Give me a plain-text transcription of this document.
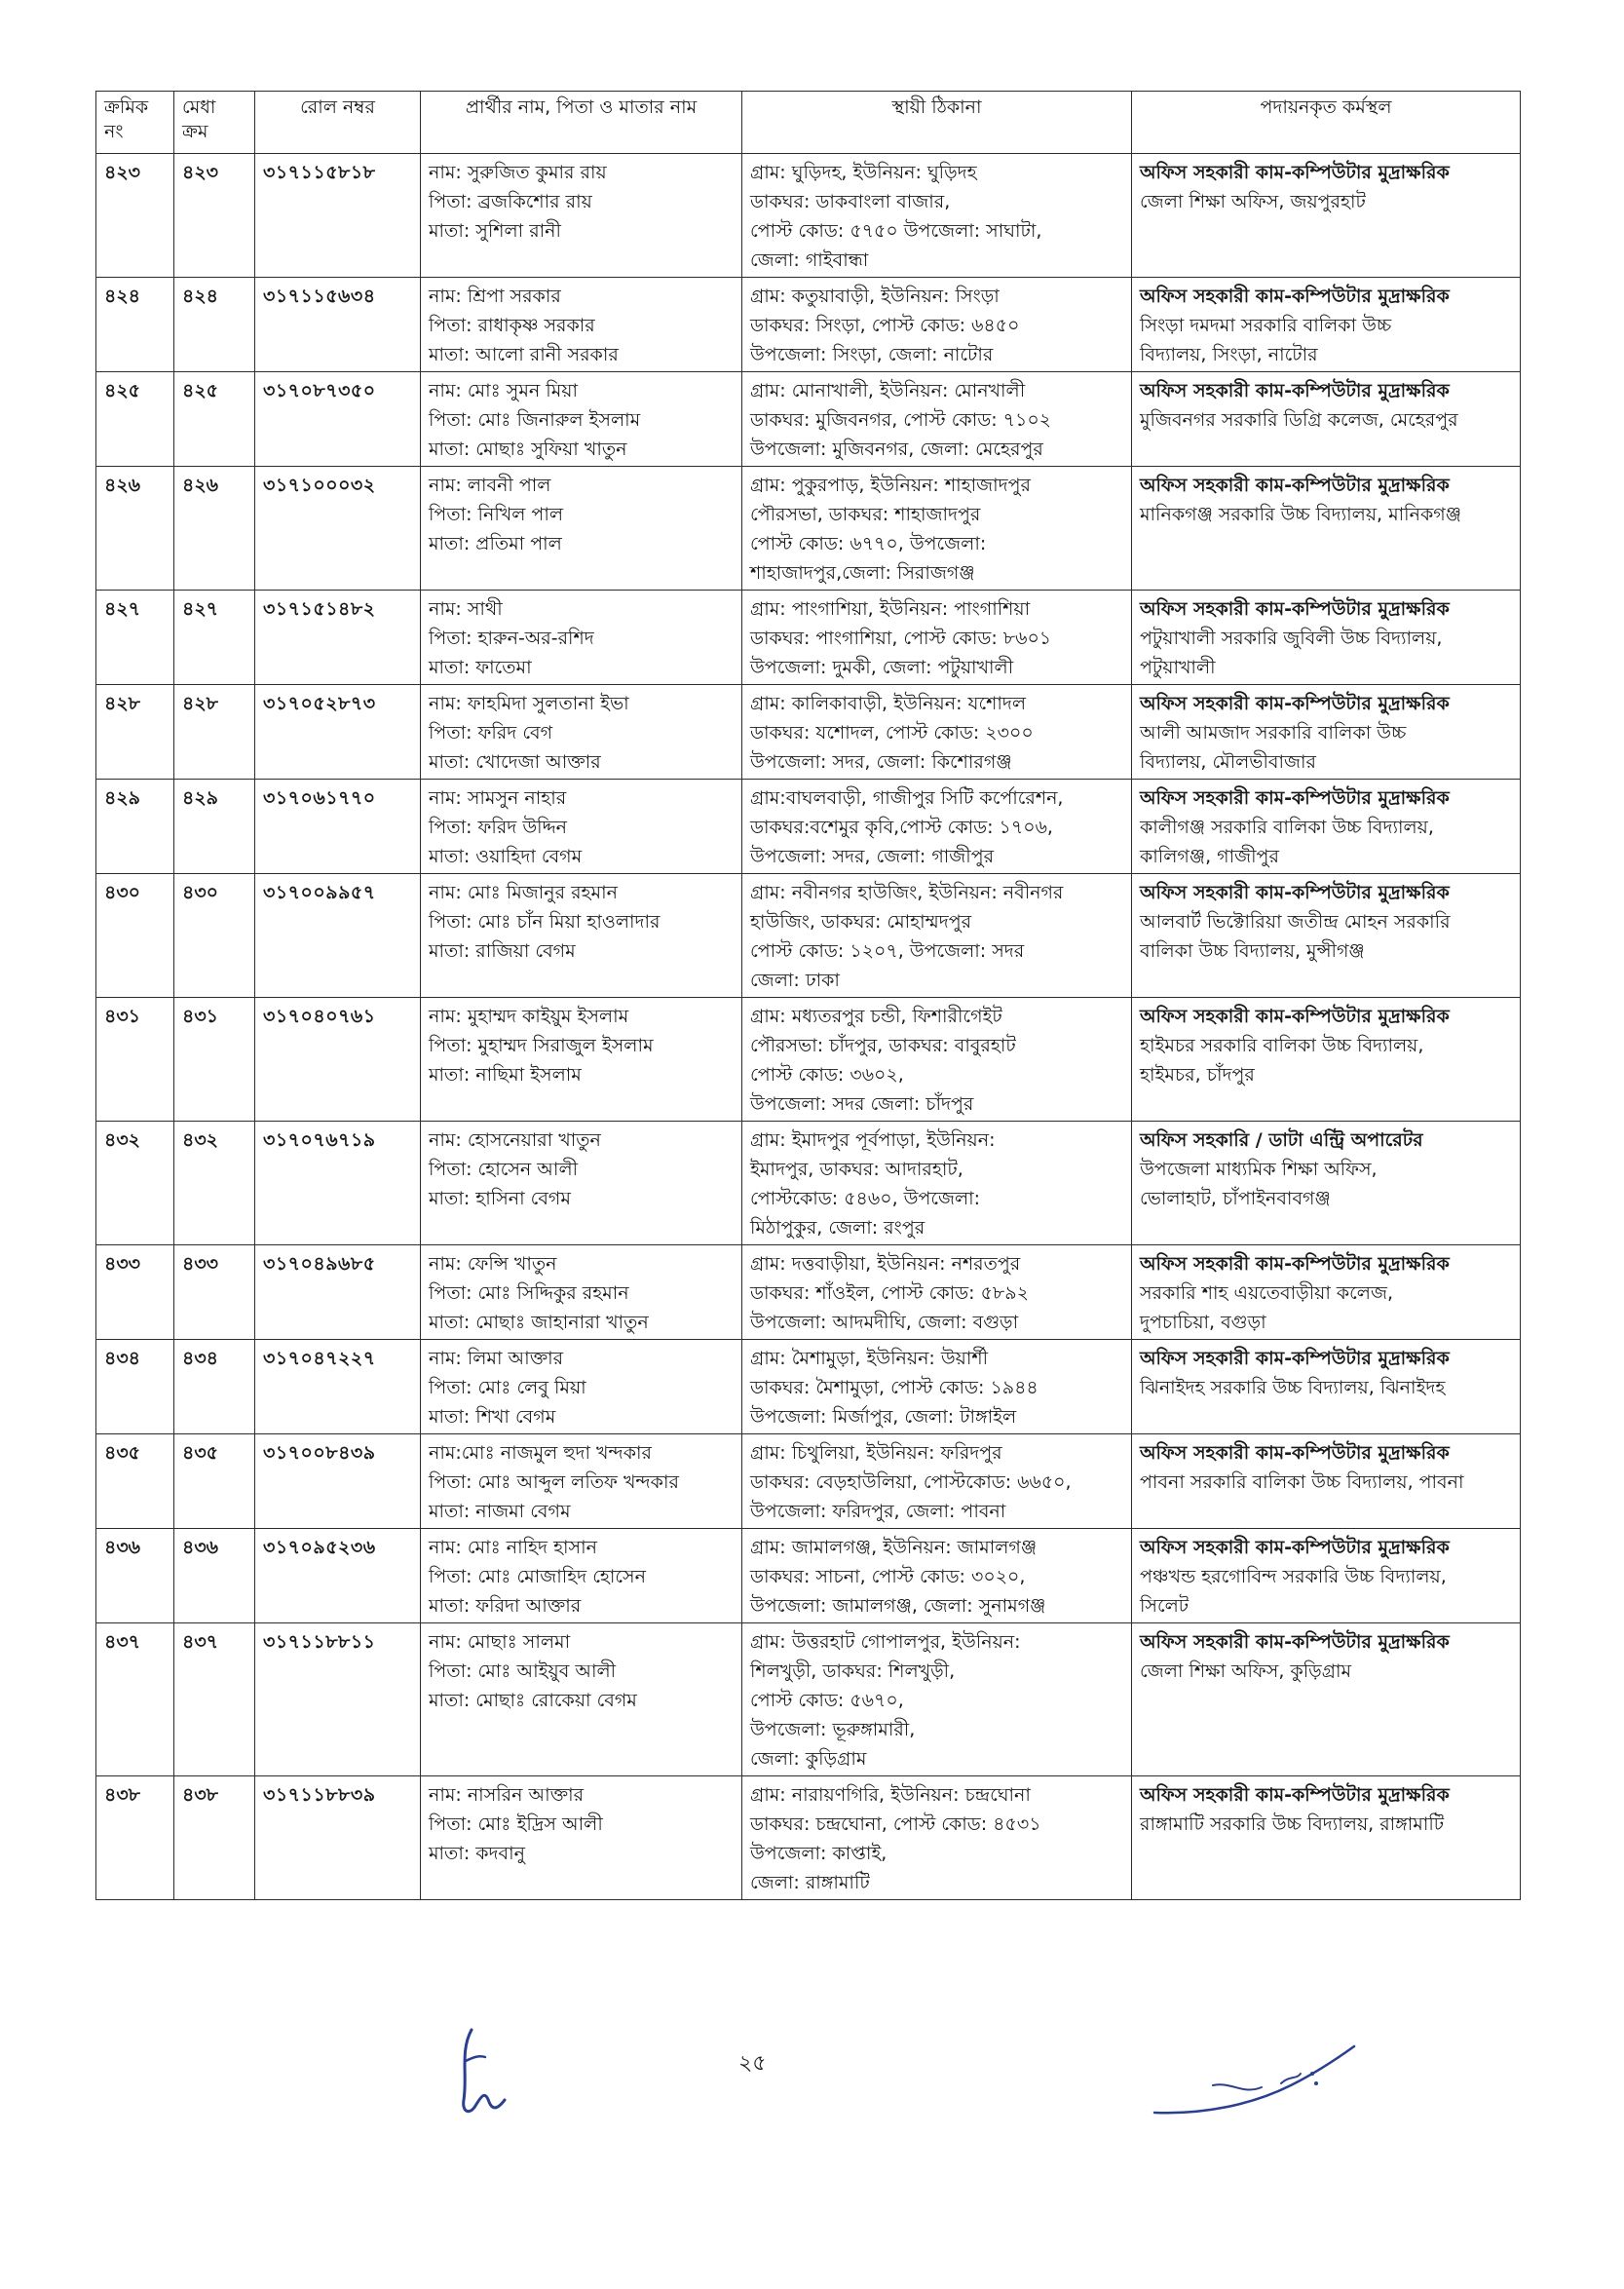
ক্রমিক
নং	মেধা
ক্রম	রোল নম্বর	প্রার্থীর নাম, পিতা ও মাতার নাম	স্থায়ী ঠিকানা	পদায়নকৃত কর্মস্থল
৪২৩	৪২৩	৩১৭১১৫৮১৮	নাম: সুরুজিত কুমার রায়
পিতা: ব্রজকিশোর রায়
মাতা: সুশিলা রানী	গ্রাম: ঘুড়িদহ, ইউনিয়ন: ঘুড়িদহ
ডাকঘর: ডাকবাংলা বাজার,
পোস্ট কোড: ৫৭৫০ উপজেলা: সাঘাটা,
জেলা: গাইবান্ধা	অফিস সহকারী কাম-কম্পিউটার মুদ্রাক্ষরিক
জেলা শিক্ষা অফিস, জয়পুরহাট

৪২৪	৪২৪	৩১৭১১৫৬৩৪	নাম: শ্রিপা সরকার
পিতা: রাধাকৃষ্ণ সরকার
মাতা: আলো রানী সরকার	গ্রাম: কতুয়াবাড়ী, ইউনিয়ন: সিংড়া
ডাকঘর: সিংড়া, পোস্ট কোড: ৬৪৫০
উপজেলা: সিংড়া, জেলা: নাটোর	অফিস সহকারী কাম-কম্পিউটার মুদ্রাক্ষরিক
সিংড়া দমদমা সরকারি বালিকা উচ্চ
বিদ্যালয়, সিংড়া, নাটোর

৪২৫	৪২৫	৩১৭০৮৭৩৫০	নাম: মোঃ সুমন মিয়া
পিতা: মোঃ জিনারুল ইসলাম
মাতা: মোছাঃ সুফিয়া খাতুন	গ্রাম: মোনাখালী, ইউনিয়ন: মোনখালী
ডাকঘর: মুজিবনগর, পোস্ট কোড: ৭১০২
উপজেলা: মুজিবনগর, জেলা: মেহেরপুর	অফিস সহকারী কাম-কম্পিউটার মুদ্রাক্ষরিক
মুজিবনগর সরকারি ডিগ্রি কলেজ, মেহেরপুর

৪২৬	৪২৬	৩১৭১০০০৩২	নাম: লাবনী পাল
পিতা: নিখিল পাল
মাতা: প্রতিমা পাল	গ্রাম: পুকুরপাড়, ইউনিয়ন: শাহাজাদপুর
পৌরসভা, ডাকঘর: শাহাজাদপুর
পোস্ট কোড: ৬৭৭০, উপজেলা:
শাহাজাদপুর,জেলা: সিরাজগঞ্জ	অফিস সহকারী কাম-কম্পিউটার মুদ্রাক্ষরিক
মানিকগঞ্জ সরকারি উচ্চ বিদ্যালয়, মানিকগঞ্জ

৪২৭	৪২৭	৩১৭১৫১৪৮২	নাম: সাথী
পিতা: হারুন-অর-রশিদ
মাতা: ফাতেমা	গ্রাম: পাংগাশিয়া, ইউনিয়ন: পাংগাশিয়া
ডাকঘর: পাংগাশিয়া, পোস্ট কোড: ৮৬০১
উপজেলা: দুমকী, জেলা: পটুয়াখালী	অফিস সহকারী কাম-কম্পিউটার মুদ্রাক্ষরিক
পটুয়াখালী সরকারি জুবিলী উচ্চ বিদ্যালয়,
পটুয়াখালী

৪২৮	৪২৮	৩১৭০৫২৮৭৩	নাম: ফাহমিদা সুলতানা ইভা
পিতা: ফরিদ বেগ
মাতা: খোদেজা আক্তার	গ্রাম: কালিকাবাড়ী, ইউনিয়ন: যশোদল
ডাকঘর: যশোদল, পোস্ট কোড: ২৩০০
উপজেলা: সদর, জেলা: কিশোরগঞ্জ	অফিস সহকারী কাম-কম্পিউটার মুদ্রাক্ষরিক
আলী আমজাদ সরকারি বালিকা উচ্চ
বিদ্যালয়, মৌলভীবাজার

৪২৯	৪২৯	৩১৭০৬১৭৭০	নাম: সামসুন নাহার
পিতা: ফরিদ উদ্দিন
মাতা: ওয়াহিদা বেগম	গ্রাম:বাঘলবাড়ী, গাজীপুর সিটি কর্পোরেশন,
ডাকঘর:বশেমুর কৃবি,পোস্ট কোড: ১৭০৬,
উপজেলা: সদর, জেলা: গাজীপুর	অফিস সহকারী কাম-কম্পিউটার মুদ্রাক্ষরিক
কালীগঞ্জ সরকারি বালিকা উচ্চ বিদ্যালয়,
কালিগঞ্জ, গাজীপুর

৪৩০	৪৩০	৩১৭০০৯৯৫৭	নাম: মোঃ মিজানুর রহমান
পিতা: মোঃ চাঁন মিয়া হাওলাদার
মাতা: রাজিয়া বেগম	গ্রাম: নবীনগর হাউজিং, ইউনিয়ন: নবীনগর
হাউজিং, ডাকঘর: মোহাম্মদপুর
পোস্ট কোড: ১২০৭, উপজেলা: সদর
জেলা: ঢাকা	অফিস সহকারী কাম-কম্পিউটার মুদ্রাক্ষরিক
আলবার্ট ভিক্টোরিয়া জতীন্দ্র মোহন সরকারি
বালিকা উচ্চ বিদ্যালয়, মুন্সীগঞ্জ

৪৩১	৪৩১	৩১৭০৪০৭৬১	নাম: মুহাম্মদ কাইয়ুম ইসলাম
পিতা: মুহাম্মদ সিরাজুল ইসলাম
মাতা: নাছিমা ইসলাম	গ্রাম: মধ্যতরপুর চন্ডী, ফিশারীগেইট
পৌরসভা: চাঁদপুর, ডাকঘর: বাবুরহাট
পোস্ট কোড: ৩৬০২,
উপজেলা: সদর জেলা: চাঁদপুর	অফিস সহকারী কাম-কম্পিউটার মুদ্রাক্ষরিক
হাইমচর সরকারি বালিকা উচ্চ বিদ্যালয়,
হাইমচর, চাঁদপুর

৪৩২	৪৩২	৩১৭০৭৬৭১৯	নাম: হোসনেয়ারা খাতুন
পিতা: হোসেন আলী
মাতা: হাসিনা বেগম	গ্রাম: ইমাদপুর পূর্বপাড়া, ইউনিয়ন:
ইমাদপুর, ডাকঘর: আদারহাট,
পোস্টকোড: ৫৪৬০, উপজেলা:
মিঠাপুকুর, জেলা: রংপুর	অফিস সহকারি / ডাটা এন্ট্রি অপারেটর
উপজেলা মাধ্যমিক শিক্ষা অফিস,
ভোলাহাট, চাঁপাইনবাবগঞ্জ

৪৩৩	৪৩৩	৩১৭০৪৯৬৮৫	নাম: ফেন্সি খাতুন
পিতা: মোঃ সিদ্দিকুর রহমান
মাতা: মোছাঃ জাহানারা খাতুন	গ্রাম: দত্তবাড়ীয়া, ইউনিয়ন: নশরতপুর
ডাকঘর: শাঁওইল, পোস্ট কোড: ৫৮৯২
উপজেলা: আদমদীঘি, জেলা: বগুড়া	অফিস সহকারী কাম-কম্পিউটার মুদ্রাক্ষরিক
সরকারি শাহ এয়তেবাড়ীয়া কলেজ,
দুপচাচিয়া, বগুড়া

৪৩৪	৪৩৪	৩১৭০৪৭২২৭	নাম: লিমা আক্তার
পিতা: মোঃ লেবু মিয়া
মাতা: শিখা বেগম	গ্রাম: মৈশামুড়া, ইউনিয়ন: উয়ার্শী
ডাকঘর: মৈশামুড়া, পোস্ট কোড: ১৯৪৪
উপজেলা: মির্জাপুর, জেলা: টাঙ্গাইল	অফিস সহকারী কাম-কম্পিউটার মুদ্রাক্ষরিক
ঝিনাইদহ সরকারি উচ্চ বিদ্যালয়, ঝিনাইদহ

৪৩৫	৪৩৫	৩১৭০০৮৪৩৯	নাম:মোঃ নাজমুল হুদা খন্দকার
পিতা: মোঃ আব্দুল লতিফ খন্দকার
মাতা: নাজমা বেগম	গ্রাম: চিথুলিয়া, ইউনিয়ন: ফরিদপুর
ডাকঘর: বেড়হাউলিয়া, পোস্টকোড: ৬৬৫০,
উপজেলা: ফরিদপুর, জেলা: পাবনা	অফিস সহকারী কাম-কম্পিউটার মুদ্রাক্ষরিক
পাবনা সরকারি বালিকা উচ্চ বিদ্যালয়, পাবনা

৪৩৬	৪৩৬	৩১৭০৯৫২৩৬	নাম: মোঃ নাহিদ হাসান
পিতা: মোঃ মোজাহিদ হোসেন
মাতা: ফরিদা আক্তার	গ্রাম: জামালগঞ্জ, ইউনিয়ন: জামালগঞ্জ
ডাকঘর: সাচনা, পোস্ট কোড: ৩০২০,
উপজেলা: জামালগঞ্জ, জেলা: সুনামগঞ্জ	অফিস সহকারী কাম-কম্পিউটার মুদ্রাক্ষরিক
পঞ্চখন্ড হরগোবিন্দ সরকারি উচ্চ বিদ্যালয়,
সিলেট

৪৩৭	৪৩৭	৩১৭১১৮৮১১	নাম: মোছাঃ সালমা
পিতা: মোঃ আইয়ুব আলী
মাতা: মোছাঃ রোকেয়া বেগম	গ্রাম: উত্তরহাট গোপালপুর, ইউনিয়ন:
শিলখুড়ী, ডাকঘর: শিলখুড়ী,
পোস্ট কোড: ৫৬৭০,
উপজেলা: ভূরুঙ্গামারী,
জেলা: কুড়িগ্রাম	অফিস সহকারী কাম-কম্পিউটার মুদ্রাক্ষরিক
জেলা শিক্ষা অফিস, কুড়িগ্রাম

৪৩৮	৪৩৮	৩১৭১১৮৮৩৯	নাম: নাসরিন আক্তার
পিতা: মোঃ ইদ্রিস আলী
মাতা: কদবানু	গ্রাম: নারায়ণগিরি, ইউনিয়ন: চন্দ্রঘোনা
ডাকঘর: চন্দ্রঘোনা, পোস্ট কোড: ৪৫৩১
উপজেলা: কাপ্তাই,
জেলা: রাঙ্গামাটি	অফিস সহকারী কাম-কম্পিউটার মুদ্রাক্ষরিক
রাঙ্গামাটি সরকারি উচ্চ বিদ্যালয়, রাঙ্গামাটি
২৫
